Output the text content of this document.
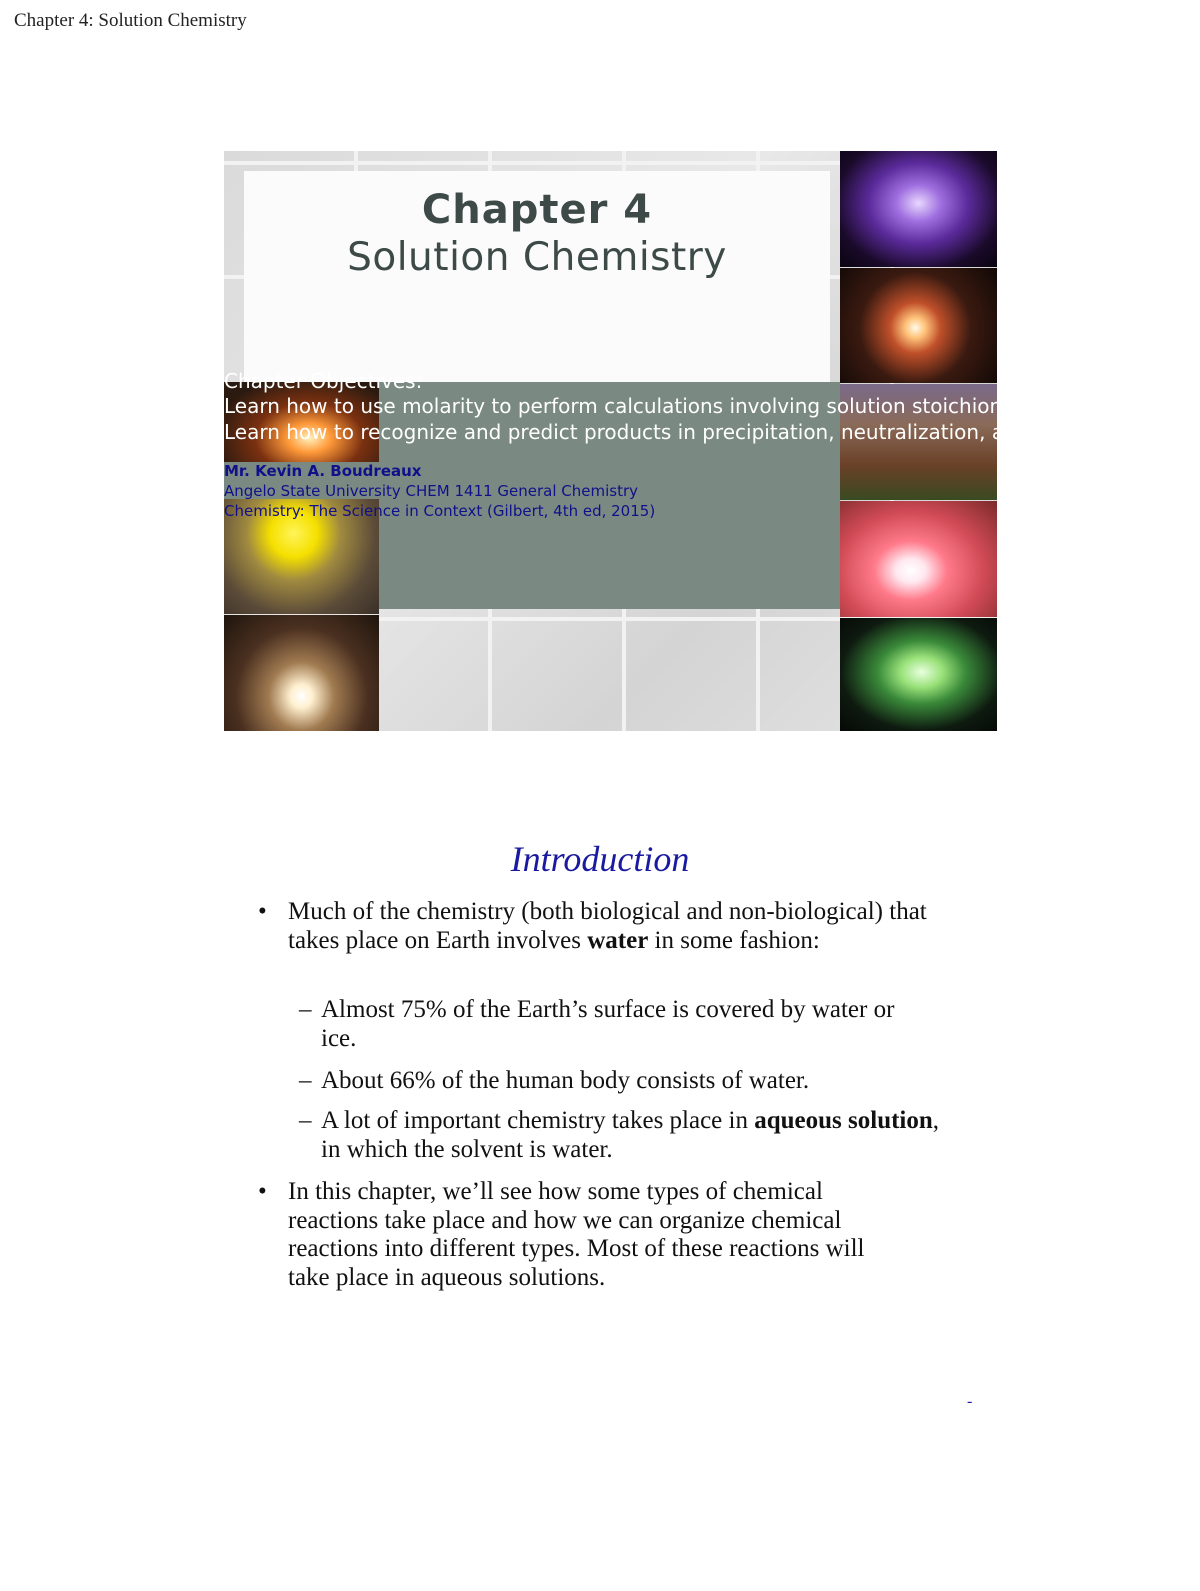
Chapter 4: Solution Chemistry
Chapter 4
Solution Chemistry
Chapter Objectives:
Learn how to use molarity to perform calculations involving solution stoichiometry.
Learn how to recognize and predict products in precipitation, neutralization, and redox reactions.
Mr. Kevin A. Boudreaux
Angelo State University CHEM 1411 General Chemistry
Chemistry: The Science in Context (Gilbert, 4th ed, 2015)
Introduction
• Much of the chemistry (both biological and non-biological) that takes place on Earth involves water in some fashion:
– Almost 75% of the Earth’s surface is covered by water or ice.
– About 66% of the human body consists of water.
– A lot of important chemistry takes place in aqueous solution, in which the solvent is water.
• In this chapter, we’ll see how some types of chemical reactions take place and how we can organize chemical reactions into different types. Most of these reactions will take place in aqueous solutions.
-
